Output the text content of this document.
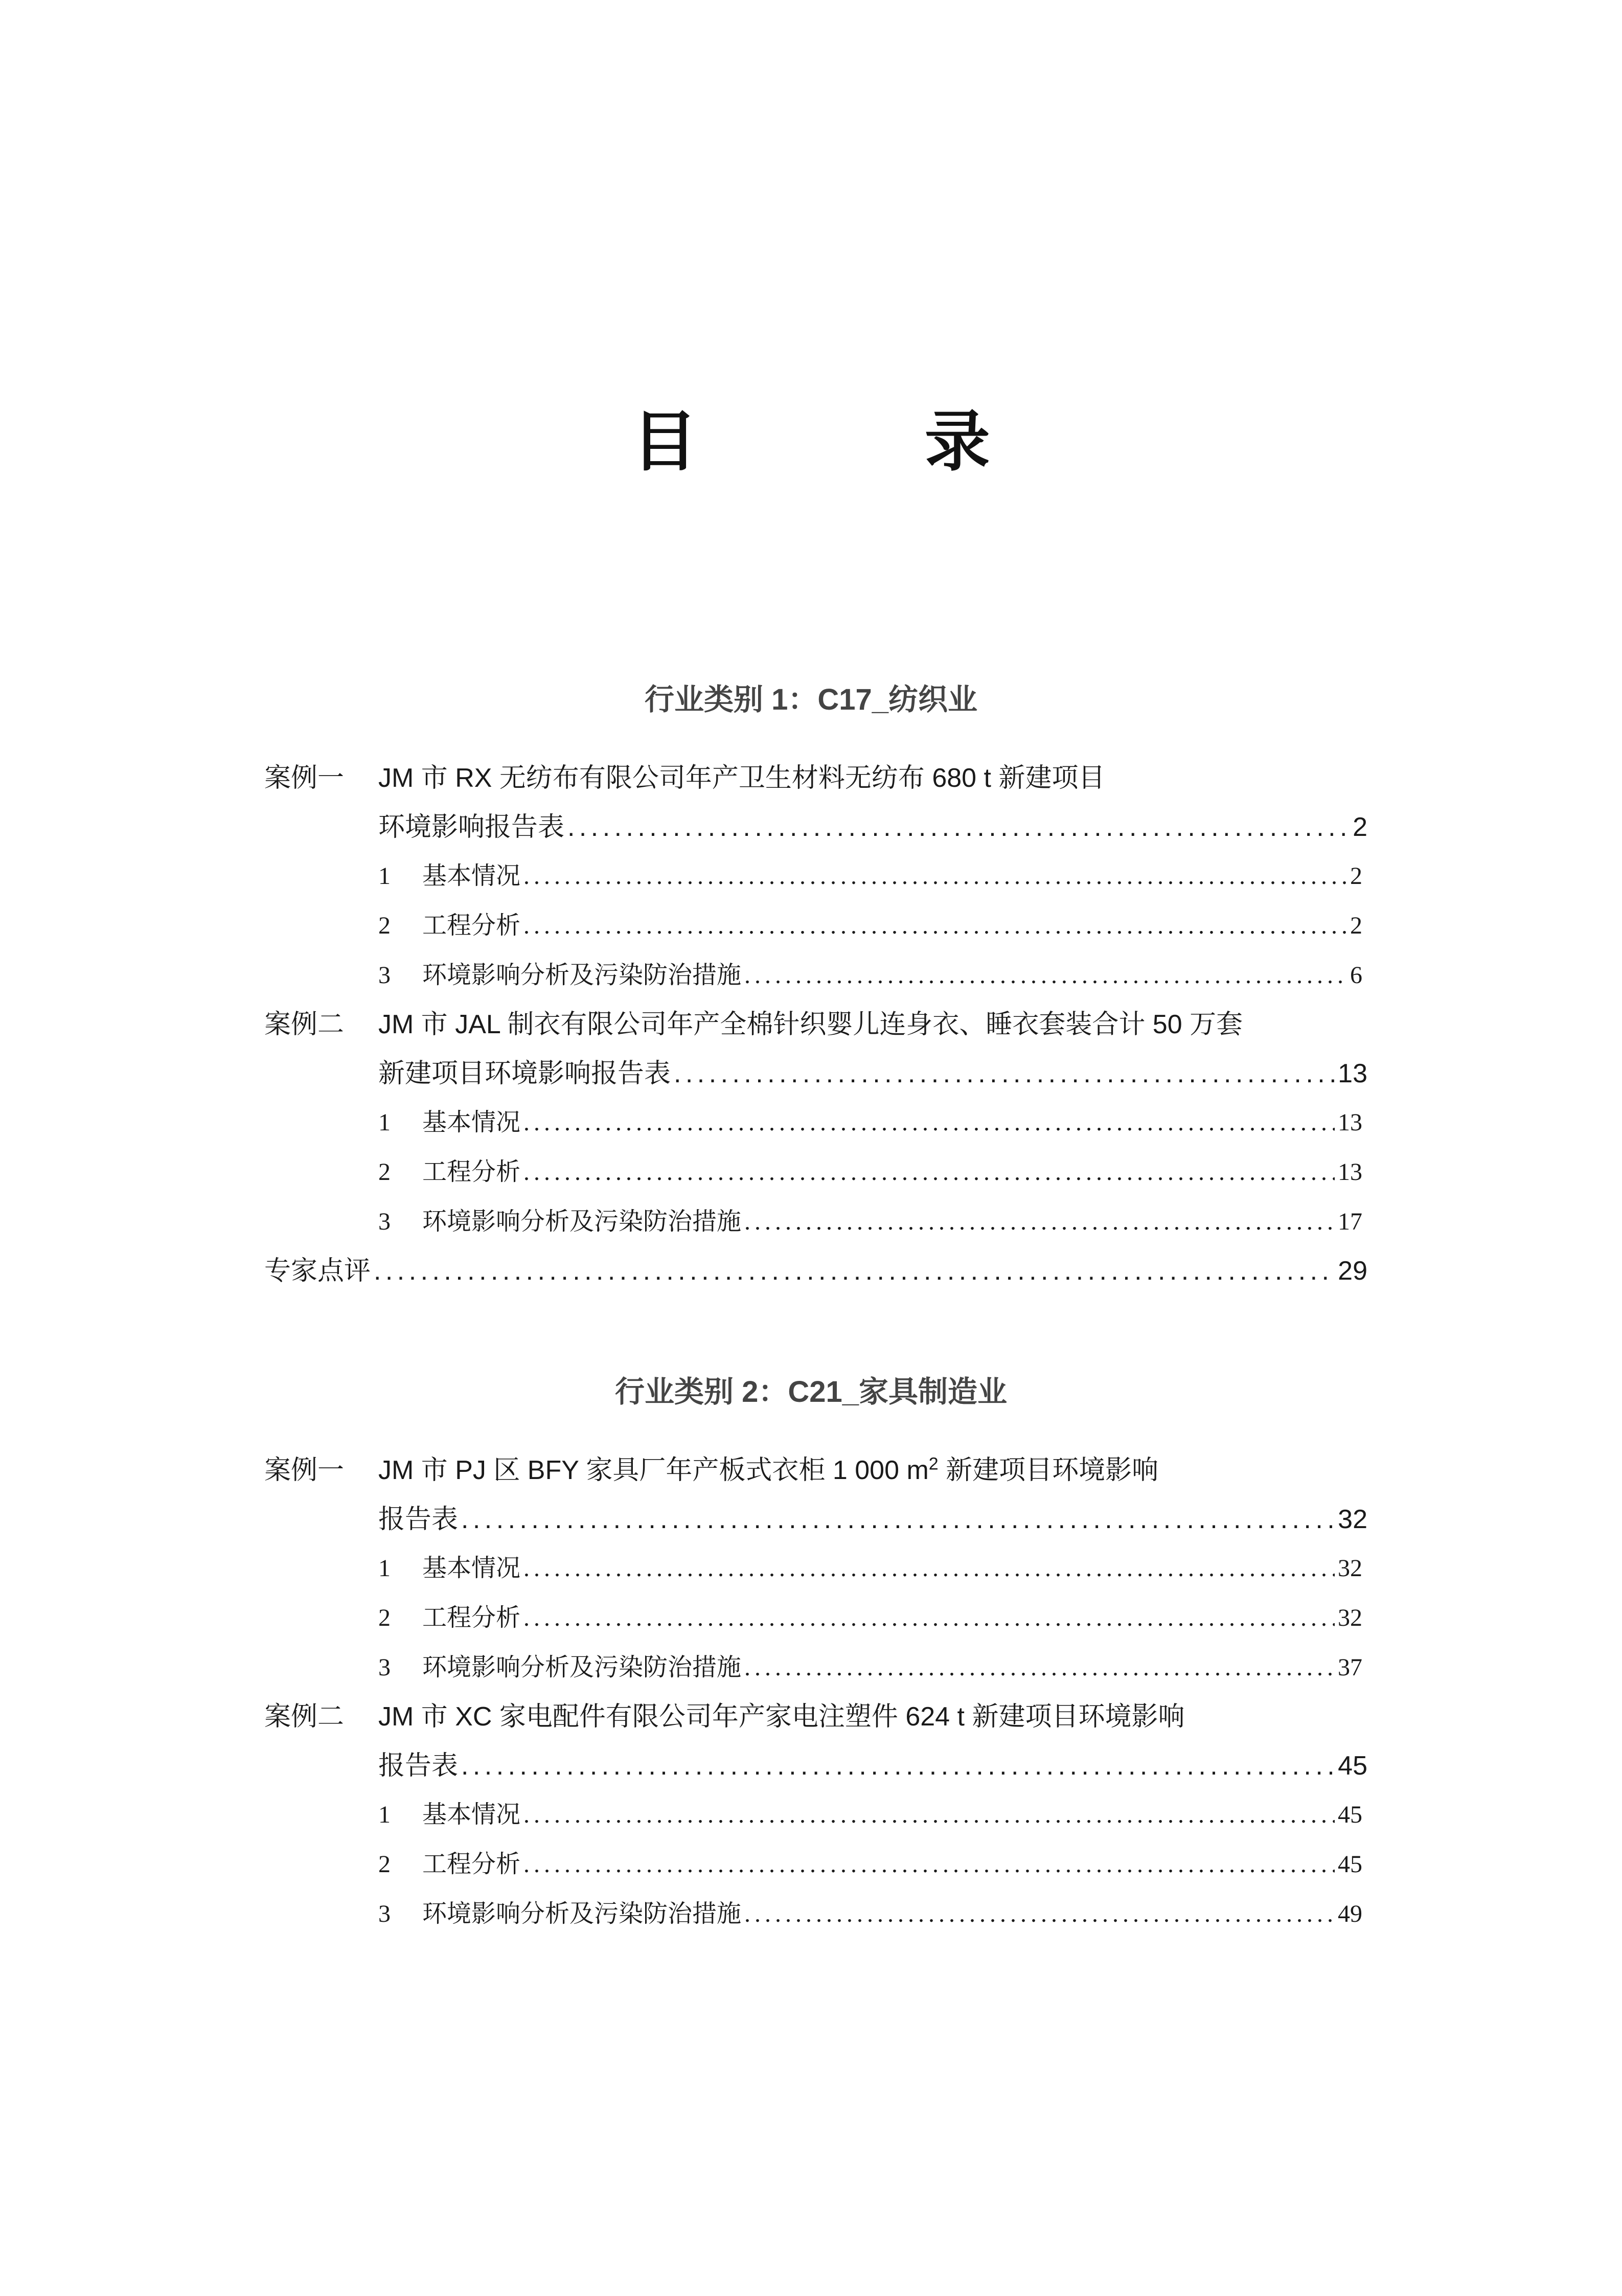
目 录
行业类别 1：C17_纺织业
案例一 JM 市 RX 无纺布有限公司年产卫生材料无纺布 680 t 新建项目
环境影响报告表 . . .	2
1	基本情况 . . .	2
2	工程分析 . . .	2
3	环境影响分析及污染防治措施 . . .	6
案例二 JM 市 JAL 制衣有限公司年产全棉针织婴儿连身衣、睡衣套装合计 50 万套
新建项目环境影响报告表 . . .	13
1	基本情况 . . .	13
2	工程分析 . . .	13
3	环境影响分析及污染防治措施 . . .	17
专家点评 . . .	29
行业类别 2：C21_家具制造业
案例一 JM 市 PJ 区 BFY 家具厂年产板式衣柜 1 000 $m^2$ 新建项目环境影响
报告表 . . .	32
1	基本情况 . . .	32
2	工程分析 . . .	32
3	环境影响分析及污染防治措施 . . .	37
案例二 JM 市 XC 家电配件有限公司年产家电注塑件 624 t 新建项目环境影响
报告表 . . .	45
1	基本情况 . . .	45
2	工程分析 . . .	45
3	环境影响分析及污染防治措施 . . .	49
